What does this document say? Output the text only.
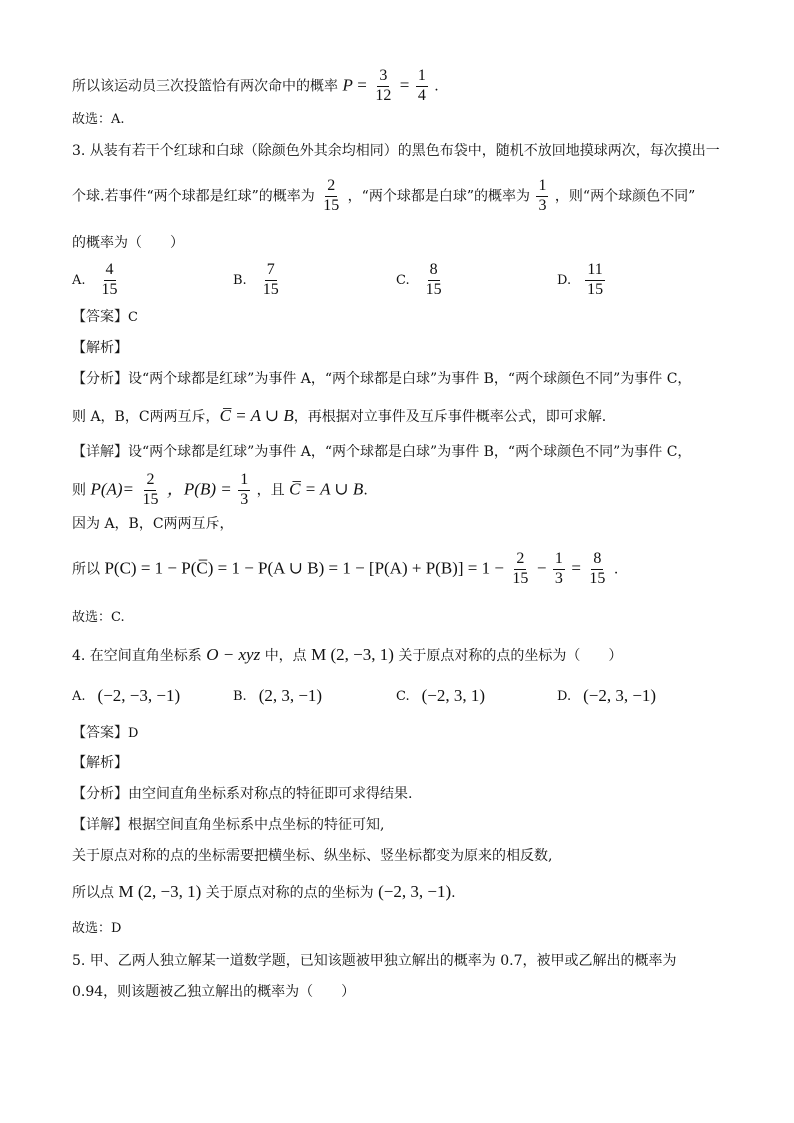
所以该运动员三次投篮恰有两次命中的概率 $P = \frac{3}{12} = \frac{1}{4}$ .
故选：A.
3. 从装有若干个红球和白球（除颜色外其余均相同）的黑色布袋中，随机不放回地摸球两次，每次摸出一
个球.若事件“两个球都是红球”的概率为 $\frac{2}{15}$ ，“两个球都是白球”的概率为 $\frac{1}{3}$ ，则“两个球颜色不同”
的概率为（　　）
A. $\frac{4}{15}$	B. $\frac{7}{15}$	C. $\frac{8}{15}$	D. $\frac{11}{15}$
【答案】C
【解析】
【分析】设“两个球都是红球”为事件 A，“两个球都是白球”为事件 B，“两个球颜色不同”为事件 C，
则 A，B，C两两互斥，C̅ = A ∪ B，再根据对立事件及互斥事件概率公式，即可求解.
【详解】设“两个球都是红球”为事件 A，“两个球都是白球”为事件 B，“两个球颜色不同”为事件 C，
则 $P(A)= \frac{2}{15}$ ，$P(B) = \frac{1}{3}$ ，且 C̅ = A ∪ B.
因为 A，B，C两两互斥，
所以 P(C) = 1 − P(C̅) = 1 − P(A ∪ $B) = 1 - [P(A) + P(B)] = 1 - \frac{2}{15} - \frac{1}{3} = \frac{8}{15}$ .
故选：C.
4. 在空间直角坐标系 O − xyz 中，点 M (2, −3, 1) 关于原点对称的点的坐标为（　　）
A. (−2, −3, −1)	B. (2, 3, −1)	C. (−2, 3, 1)	D. (−2, 3, −1)
【答案】D
【解析】
【分析】由空间直角坐标系对称点的特征即可求得结果.
【详解】根据空间直角坐标系中点坐标的特征可知,
关于原点对称的点的坐标需要把横坐标、纵坐标、竖坐标都变为原来的相反数,
所以点 M (2, −3, 1) 关于原点对称的点的坐标为 (−2, 3, −1).
故选：D
5. 甲、乙两人独立解某一道数学题，已知该题被甲独立解出的概率为 0.7，被甲或乙解出的概率为
0.94，则该题被乙独立解出的概率为（　　）
